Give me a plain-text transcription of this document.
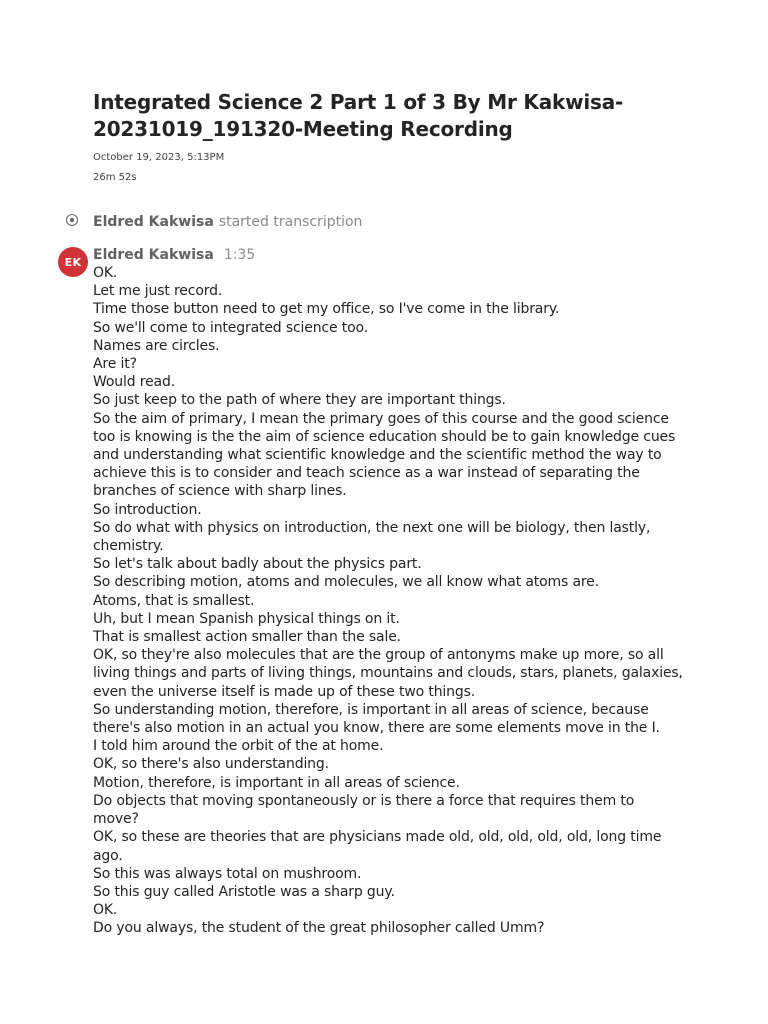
Integrated Science 2 Part 1 of 3 By Mr Kakwisa-20231019_191320-Meeting Recording

October 19, 2023, 5:13PM

26m 52s

Eldred Kakwisa started transcription
EK Eldred Kakwisa 1:35
OK.
Let me just record.
Time those button need to get my office, so I've come in the library.
So we'll come to integrated science too.
Names are circles.
Are it?
Would read.
So just keep to the path of where they are important things.
So the aim of primary, I mean the primary goes of this course and the good science too is knowing is the the aim of science education should be to gain knowledge cues and understanding what scientific knowledge and the scientific method the way to achieve this is to consider and teach science as a war instead of separating the branches of science with sharp lines.
So introduction.
So do what with physics on introduction, the next one will be biology, then lastly, chemistry.
So let's talk about badly about the physics part.
So describing motion, atoms and molecules, we all know what atoms are.
Atoms, that is smallest.
Uh, but I mean Spanish physical things on it.
That is smallest action smaller than the sale.
OK, so they're also molecules that are the group of antonyms make up more, so all living things and parts of living things, mountains and clouds, stars, planets, galaxies, even the universe itself is made up of these two things.
So understanding motion, therefore, is important in all areas of science, because there's also motion in an actual you know, there are some elements move in the I.
I told him around the orbit of the at home.
OK, so there's also understanding.
Motion, therefore, is important in all areas of science.
Do objects that moving spontaneously or is there a force that requires them to move?
OK, so these are theories that are physicians made old, old, old, old, old, long time ago.
So this was always total on mushroom.
So this guy called Aristotle was a sharp guy.
OK.
Do you always, the student of the great philosopher called Umm?
